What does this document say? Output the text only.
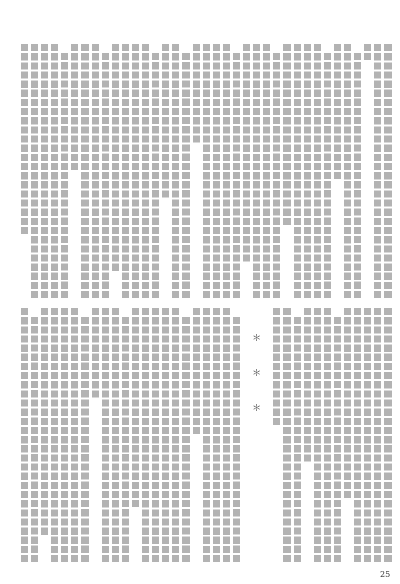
＊
＊
＊
25
